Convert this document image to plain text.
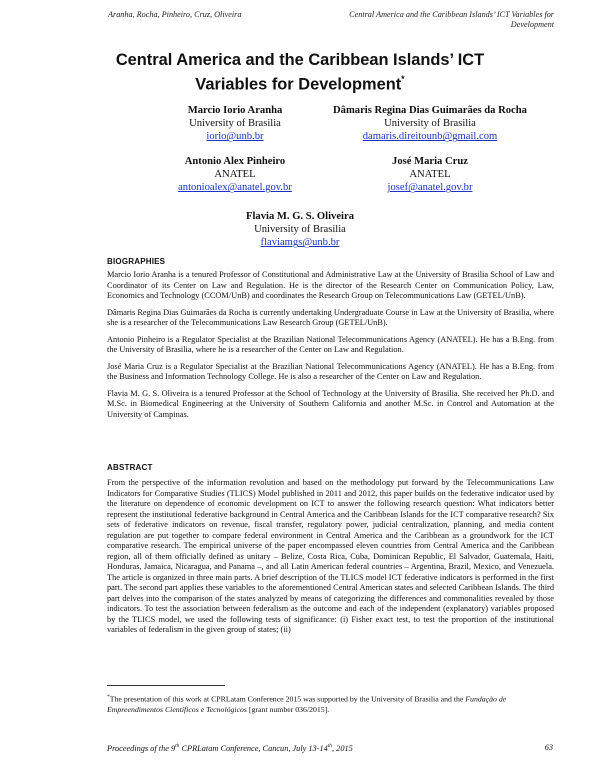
Aranha, Rocha, Pinheiro, Cruz, Oliveira	Central America and the Caribbean Islands’ ICT Variables for Development
Central America and the Caribbean Islands’ ICT Variables for Development*
Marcio Iorio Aranha
University of Brasilia
iorio@unb.br
Dâmaris Regina Dias Guimarães da Rocha
University of Brasilia
damaris.direitounb@gmail.com
Antonio Alex Pinheiro
ANATEL
antonioalex@anatel.gov.br
José Maria Cruz
ANATEL
josef@anatel.gov.br
Flavia M. G. S. Oliveira
University of Brasilia
flaviamgs@unb.br
BIOGRAPHIES

Marcio Iorio Aranha is a tenured Professor of Constitutional and Administrative Law at the University of Brasilia School of Law and Coordinator of its Center on Law and Regulation. He is the director of the Research Center on Communication Policy, Law, Economics and Technology (CCOM/UnB) and coordinates the Research Group on Telecommunications Law (GETEL/UnB).

Dâmaris Regina Dias Guimarães da Rocha is currently undertaking Undergraduate Course in Law at the University of Brasilia, where she is a researcher of the Telecommunications Law Research Group (GETEL/UnB).

Antonio Pinheiro is a Regulator Specialist at the Brazilian National Telecommunications Agency (ANATEL). He has a B.Eng. from the University of Brasilia, where he is a researcher of the Center on Law and Regulation.

José Maria Cruz is a Regulator Specialist at the Brazilian National Telecommunications Agency (ANATEL). He has a B.Eng. from the Business and Information Technology College. He is also a researcher of the Center on Law and Regulation.

Flavia M. G. S. Oliveira is a tenured Professor at the School of Technology at the University of Brasilia. She received her Ph.D. and M.Sc. in Biomedical Engineering at the University of Southern California and another M.Sc. in Control and Automation at the University of Campinas.

ABSTRACT

From the perspective of the information revolution and based on the methodology put forward by the Telecommunications Law Indicators for Comparative Studies (TLICS) Model published in 2011 and 2012, this paper builds on the federative indicator used by the literature on dependence of economic development on ICT to answer the following research question: What indicators better represent the institutional federative background in Central America and the Caribbean Islands for the ICT comparative research? Six sets of federative indicators on revenue, fiscal transfer, regulatory power, judicial centralization, planning, and media content regulation are put together to compare federal environment in Central America and the Caribbean as a groundwork for the ICT comparative research. The empirical universe of the paper encompassed eleven countries from Central America and the Caribbean region, all of them officially defined as unitary – Belize, Costa Rica, Cuba, Dominican Republic, El Salvador, Guatemala, Haiti, Honduras, Jamaica, Nicaragua, and Panama –, and all Latin American federal countries – Argentina, Brazil, Mexico, and Venezuela. The article is organized in three main parts. A brief description of the TLICS model ICT federative indicators is performed in the first part. The second part applies these variables to the aforementioned Central American states and selected Caribbean Islands. The third part delves into the comparison of the states analyzed by means of categorizing the differences and commonalities revealed by those indicators. To test the association between federalism as the outcome and each of the independent (explanatory) variables proposed by the TLICS model, we used the following tests of significance: (i) Fisher exact test, to test the proportion of the institutional variables of federalism in the given group of states; (ii)

*The presentation of this work at CPRLatam Conference 2015 was supported by the University of Brasilia and the Fundação de Empreendimentos Científicos e Tecnológicos [grant number 036/2015].
Proceedings of the 9th CPRLatam Conference, Cancun, July 13-14th, 2015	63
